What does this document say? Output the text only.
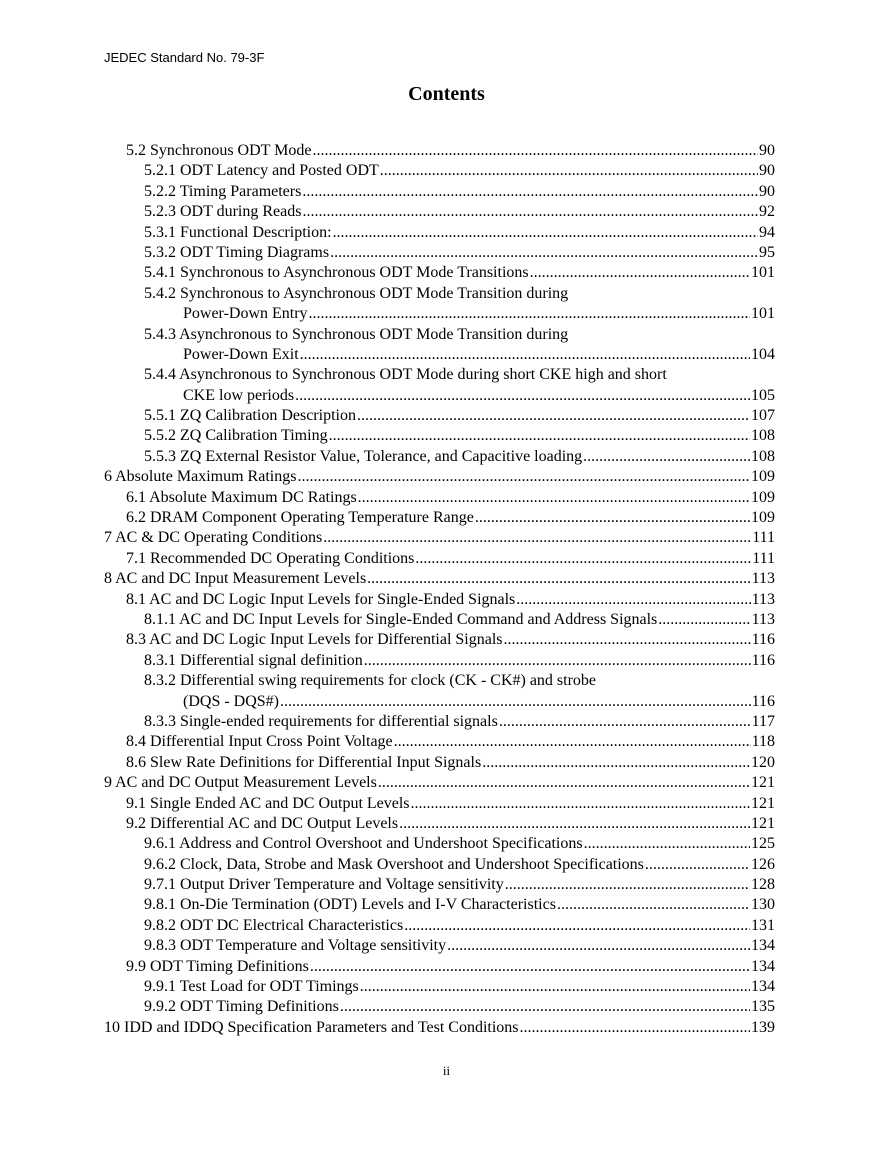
JEDEC Standard No. 79-3F
Contents
5.2 Synchronous ODT Mode .....	90
5.2.1 ODT Latency and Posted ODT .....	90
5.2.2 Timing Parameters .....	90
5.2.3 ODT during Reads .....	92
5.3.1 Functional Description: .....	94
5.3.2 ODT Timing Diagrams .....	95
5.4.1 Synchronous to Asynchronous ODT Mode Transitions .....	101
5.4.2 Synchronous to Asynchronous ODT Mode Transition during
Power-Down Entry .....	101
5.4.3 Asynchronous to Synchronous ODT Mode Transition during
Power-Down Exit .....	104
5.4.4 Asynchronous to Synchronous ODT Mode during short CKE high and short
CKE low periods .....	105
5.5.1 ZQ Calibration Description .....	107
5.5.2 ZQ Calibration Timing .....	108
5.5.3 ZQ External Resistor Value, Tolerance, and Capacitive loading .....	108
6 Absolute Maximum Ratings .....	109
6.1 Absolute Maximum DC Ratings .....	109
6.2 DRAM Component Operating Temperature Range .....	109
7 AC & DC Operating Conditions .....	111
7.1 Recommended DC Operating Conditions .....	111
8 AC and DC Input Measurement Levels .....	113
8.1 AC and DC Logic Input Levels for Single-Ended Signals .....	113
8.1.1 AC and DC Input Levels for Single-Ended Command and Address Signals .....	113
8.3 AC and DC Logic Input Levels for Differential Signals .....	116
8.3.1 Differential signal definition .....	116
8.3.2 Differential swing requirements for clock (CK - CK#) and strobe
(DQS - DQS#) .....	116
8.3.3 Single-ended requirements for differential signals .....	117
8.4 Differential Input Cross Point Voltage .....	118
8.6 Slew Rate Definitions for Differential Input Signals .....	120
9 AC and DC Output Measurement Levels .....	121
9.1 Single Ended AC and DC Output Levels .....	121
9.2 Differential AC and DC Output Levels .....	121
9.6.1 Address and Control Overshoot and Undershoot Specifications .....	125
9.6.2 Clock, Data, Strobe and Mask Overshoot and Undershoot Specifications .....	126
9.7.1 Output Driver Temperature and Voltage sensitivity .....	128
9.8.1 On-Die Termination (ODT) Levels and I-V Characteristics .....	130
9.8.2 ODT DC Electrical Characteristics .....	131
9.8.3 ODT Temperature and Voltage sensitivity .....	134
9.9 ODT Timing Definitions .....	134
9.9.1 Test Load for ODT Timings .....	134
9.9.2 ODT Timing Definitions .....	135
10 IDD and IDDQ Specification Parameters and Test Conditions .....	139
ii
